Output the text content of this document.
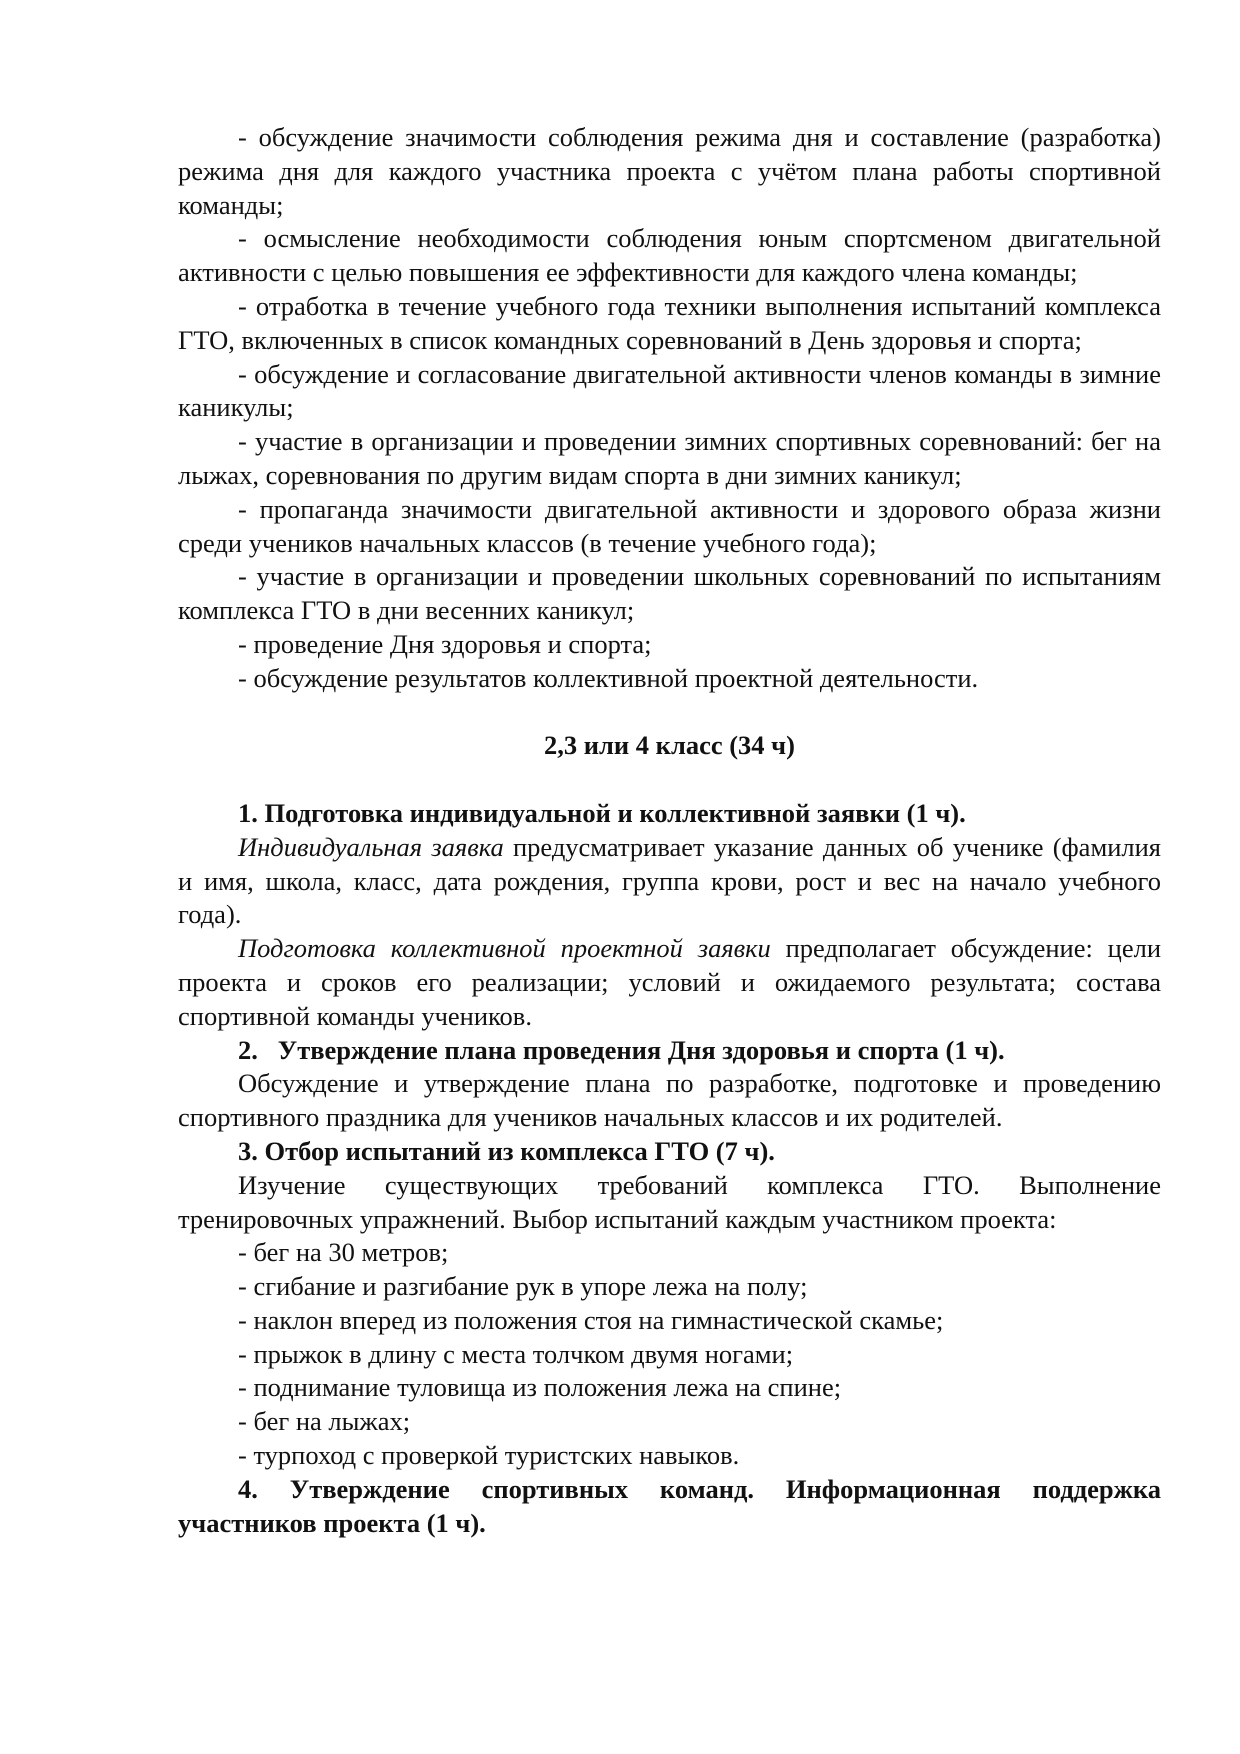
- обсуждение значимости соблюдения режима дня и составление (разработка) режима дня для каждого участника проекта с учётом плана работы спортивной команды;

- осмысление необходимости соблюдения юным спортсменом двигательной активности с целью повышения ее эффективности для каждого члена команды;

- отработка в течение учебного года техники выполнения испытаний комплекса ГТО, включенных в список командных соревнований в День здоровья и спорта;

- обсуждение и согласование двигательной активности членов команды в зимние каникулы;

- участие в организации и проведении зимних спортивных соревнований: бег на лыжах, соревнования по другим видам спорта в дни зимних каникул;

- пропаганда значимости двигательной активности и здорового образа жизни среди учеников начальных классов (в течение учебного года);

- участие в организации и проведении школьных соревнований по испытаниям комплекса ГТО в дни весенних каникул;

- проведение Дня здоровья и спорта;

- обсуждение результатов коллективной проектной деятельности.

2,3 или 4 класс (34 ч)

1. Подготовка индивидуальной и коллективной заявки (1 ч).

Индивидуальная заявка предусматривает указание данных об ученике (фамилия и имя, школа, класс, дата рождения, группа крови, рост и вес на начало учебного года).

Подготовка коллективной проектной заявки предполагает обсуждение: цели проекта и сроков его реализации; условий и ожидаемого результата; состава спортивной команды учеников.

2.   Утверждение плана проведения Дня здоровья и спорта (1 ч).

Обсуждение и утверждение плана по разработке, подготовке и проведению спортивного праздника для учеников начальных классов и их родителей.

3. Отбор испытаний из комплекса ГТО (7 ч).

Изучение существующих требований комплекса ГТО. Выполнение тренировочных упражнений. Выбор испытаний каждым участником проекта:

- бег на 30 метров;

- сгибание и разгибание рук в упоре лежа на полу;

- наклон вперед из положения стоя на гимнастической скамье;

- прыжок в длину с места толчком двумя ногами;

- поднимание туловища из положения лежа на спине;

- бег на лыжах;

- турпоход с проверкой туристских навыков.

4. Утверждение спортивных команд. Информационная поддержка участников проекта (1 ч).
